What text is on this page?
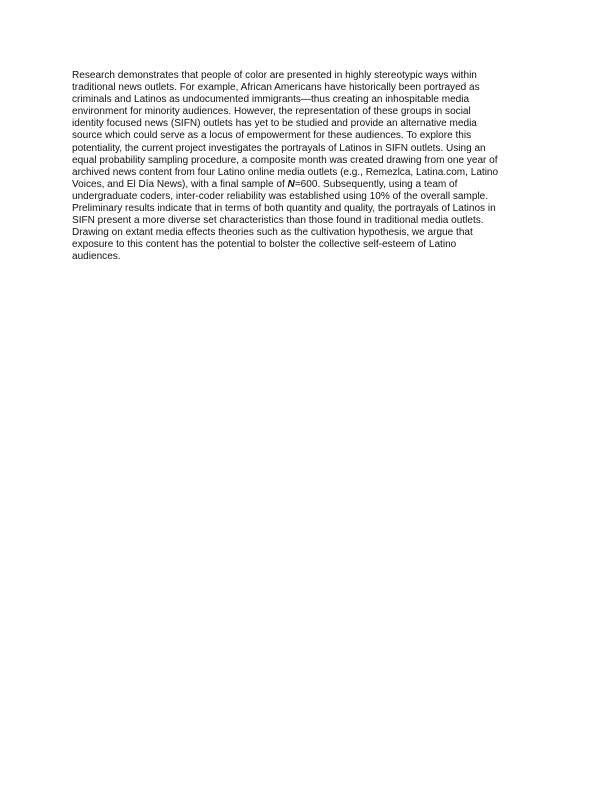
Research demonstrates that people of color are presented in highly stereotypic ways within
traditional news outlets. For example, African Americans have historically been portrayed as
criminals and Latinos as undocumented immigrants—thus creating an inhospitable media
environment for minority audiences. However, the representation of these groups in social
identity focused news (SIFN) outlets has yet to be studied and provide an alternative media
source which could serve as a locus of empowerment for these audiences. To explore this
potentiality, the current project investigates the portrayals of Latinos in SIFN outlets. Using an
equal probability sampling procedure, a composite month was created drawing from one year of
archived news content from four Latino online media outlets (e.g., Remezlca, Latina.com, Latino
Voices, and El Día News), with a final sample of N=600. Subsequently, using a team of
undergraduate coders, inter-coder reliability was established using 10% of the overall sample.
Preliminary results indicate that in terms of both quantity and quality, the portrayals of Latinos in
SIFN present a more diverse set characteristics than those found in traditional media outlets.
Drawing on extant media effects theories such as the cultivation hypothesis, we argue that
exposure to this content has the potential to bolster the collective self-esteem of Latino
audiences.
